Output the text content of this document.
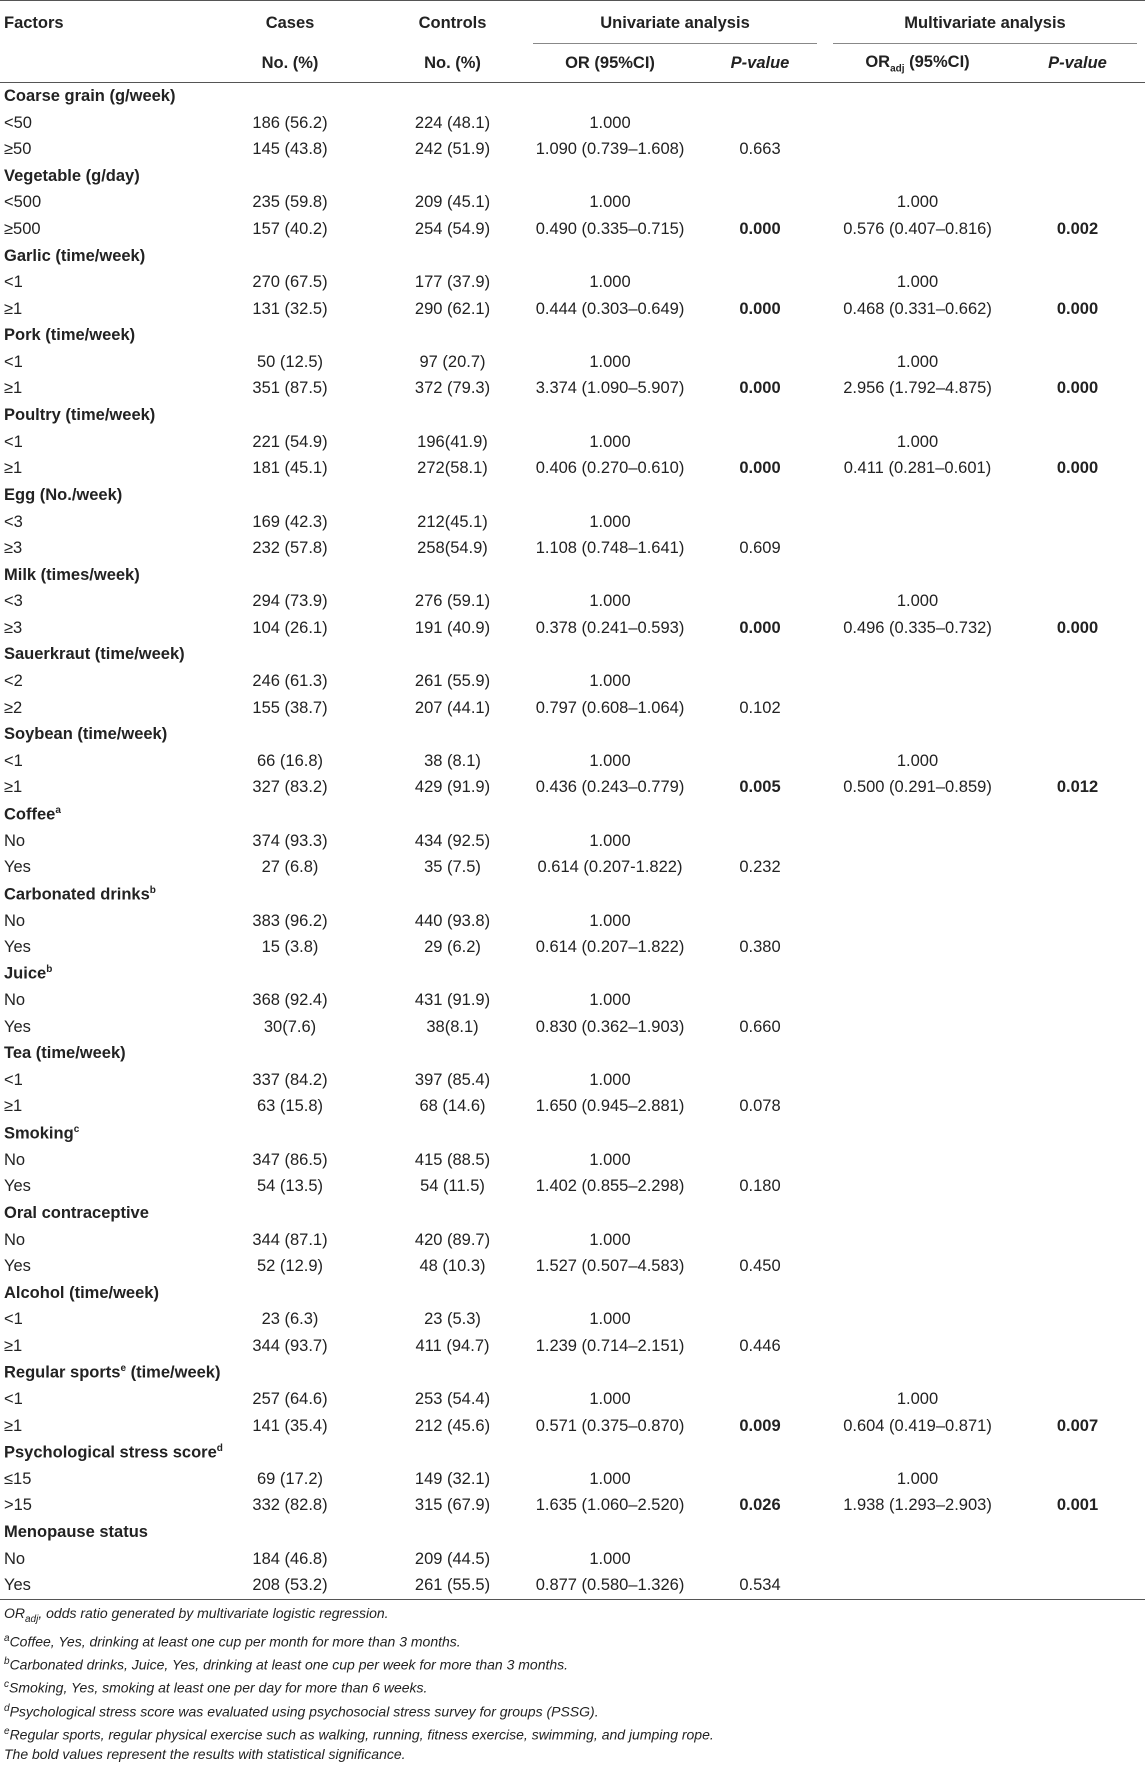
Factors	Cases	Controls	Univariate analysis		Multivariate analysis	

	No. (%)	No. (%)	OR (95%CI)	P-value	$OR_{adj}$ (95%CI)	P-value
Coarse grain (g/week)						
<50	186 (56.2)	224 (48.1)	1.000			
≥50	145 (43.8)	242 (51.9)	1.090 (0.739–1.608)	0.663		
Vegetable (g/day)						
<500	235 (59.8)	209 (45.1)	1.000		1.000	
≥500	157 (40.2)	254 (54.9)	0.490 (0.335–0.715)	0.000	0.576 (0.407–0.816)	0.002
Garlic (time/week)						
<1	270 (67.5)	177 (37.9)	1.000		1.000	
≥1	131 (32.5)	290 (62.1)	0.444 (0.303–0.649)	0.000	0.468 (0.331–0.662)	0.000
Pork (time/week)						
<1	50 (12.5)	97 (20.7)	1.000		1.000	
≥1	351 (87.5)	372 (79.3)	3.374 (1.090–5.907)	0.000	2.956 (1.792–4.875)	0.000
Poultry (time/week)						
<1	221 (54.9)	196(41.9)	1.000		1.000	
≥1	181 (45.1)	272(58.1)	0.406 (0.270–0.610)	0.000	0.411 (0.281–0.601)	0.000
Egg (No./week)						
<3	169 (42.3)	212(45.1)	1.000			
≥3	232 (57.8)	258(54.9)	1.108 (0.748–1.641)	0.609		
Milk (times/week)						
<3	294 (73.9)	276 (59.1)	1.000		1.000	
≥3	104 (26.1)	191 (40.9)	0.378 (0.241–0.593)	0.000	0.496 (0.335–0.732)	0.000
Sauerkraut (time/week)						
<2	246 (61.3)	261 (55.9)	1.000			
≥2	155 (38.7)	207 (44.1)	0.797 (0.608–1.064)	0.102		
Soybean (time/week)						
<1	66 (16.8)	38 (8.1)	1.000		1.000	
≥1	327 (83.2)	429 (91.9)	0.436 (0.243–0.779)	0.005	0.500 (0.291–0.859)	0.012
Coffee$^a$
No	374 (93.3)	434 (92.5)	1.000			
Yes	27 (6.8)	35 (7.5)	0.614 (0.207-1.822)	0.232		
Carbonated drinks$^b$
No	383 (96.2)	440 (93.8)	1.000			
Yes	15 (3.8)	29 (6.2)	0.614 (0.207–1.822)	0.380		
Juice$^b$
No	368 (92.4)	431 (91.9)	1.000			
Yes	30(7.6)	38(8.1)	0.830 (0.362–1.903)	0.660		
Tea (time/week)						
<1	337 (84.2)	397 (85.4)	1.000			
≥1	63 (15.8)	68 (14.6)	1.650 (0.945–2.881)	0.078		
Smoking$^c$
No	347 (86.5)	415 (88.5)	1.000			
Yes	54 (13.5)	54 (11.5)	1.402 (0.855–2.298)	0.180		
Oral contraceptive						
No	344 (87.1)	420 (89.7)	1.000			
Yes	52 (12.9)	48 (10.3)	1.527 (0.507–4.583)	0.450		
Alcohol (time/week)						
<1	23 (6.3)	23 (5.3)	1.000			
≥1	344 (93.7)	411 (94.7)	1.239 (0.714–2.151)	0.446		
Regular sports$^e$ (time/week)						
<1	257 (64.6)	253 (54.4)	1.000		1.000	
≥1	141 (35.4)	212 (45.6)	0.571 (0.375–0.870)	0.009	0.604 (0.419–0.871)	0.007
Psychological stress score$^d$
≤15	69 (17.2)	149 (32.1)	1.000		1.000	
>15	332 (82.8)	315 (67.9)	1.635 (1.060–2.520)	0.026	1.938 (1.293–2.903)	0.001
Menopause status						
No	184 (46.8)	209 (44.5)	1.000			
Yes	208 (53.2)	261 (55.5)	0.877 (0.580–1.326)	0.534		
$OR_{adj}$, odds ratio generated by multivariate logistic regression.
$^a$Coffee, Yes, drinking at least one cup per month for more than 3 months.
$^b$Carbonated drinks, Juice, Yes, drinking at least one cup per week for more than 3 months.
$^c$Smoking, Yes, smoking at least one per day for more than 6 weeks.
$^d$Psychological stress score was evaluated using psychosocial stress survey for groups (PSSG).
$^e$Regular sports, regular physical exercise such as walking, running, fitness exercise, swimming, and jumping rope.
The bold values represent the results with statistical significance.
